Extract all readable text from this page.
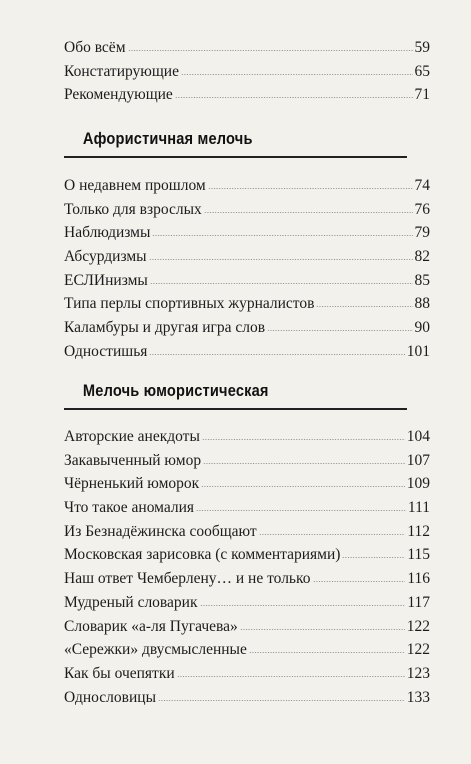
Обо всём	59
Констатирующие	65
Рекомендующие	71
Афористичная мелочь
О недавнем прошлом	74
Только для взрослых	76
Наблюдизмы	79
Абсурдизмы	82
ЕСЛИнизмы	85
Типа перлы спортивных журналистов	88
Каламбуры и другая игра слов	90
Одностишья	101
Мелочь юмористическая
Авторские анекдоты	104
Закавыченный юмор	107
Чёрненький юморок	109
Что такое аномалия	111
Из Безнадёжинска сообщают	112
Московская зарисовка (с комментариями)	115
Наш ответ Чемберлену… и не только	116
Мудреный словарик	117
Словарик «а-ля Пугачева»	122
«Сережки» двусмысленные	122
Как бы очепятки	123
Однословицы	133
